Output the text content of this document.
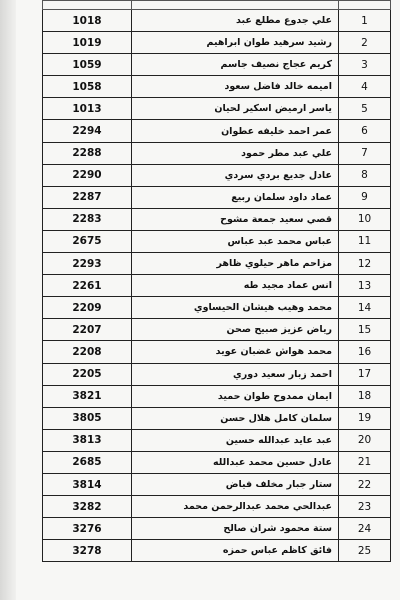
1018	علي جدوع مطلع عبد	1
1019	رشيد سرهيد طوان ابراهيم	2
1059	كريم عجاج نصيف جاسم	3
1058	اميمه خالد فاضل سعود	4
1013	ياسر ارميض اسكير لحيان	5
2294	عمر احمد خليفه عطوان	6
2288	علي عبد مطر حمود	7
2290	عادل جديع بردي سردي	8
2287	عماد داود سلمان ربيع	9
2283	قصي سعيد جمعة مشوح	10
2675	عباس محمد عبد عباس	11
2293	مزاحم ماهر حيلوي ظاهر	12
2261	انس عماد مجيد طه	13
2209	محمد وهيب هيشان الحيساوي	14
2207	رياض عزيز صبيح صحن	15
2208	محمد هواش غضبان عويد	16
2205	احمد زبار سعيد دوري	17
3821	ايمان ممدوح طوان حميد	18
3805	سلمان كامل هلال حسن	19
3813	عبد عايد عبدالله حسين	20
2685	عادل حسين محمد عبدالله	21
3814	ستار جبار مخلف فياض	22
3282	عبدالحي محمد عبدالرحمن محمد	23
3276	ستة محمود شران صالح	24
3278	فائق كاظم عباس حمزه	25
